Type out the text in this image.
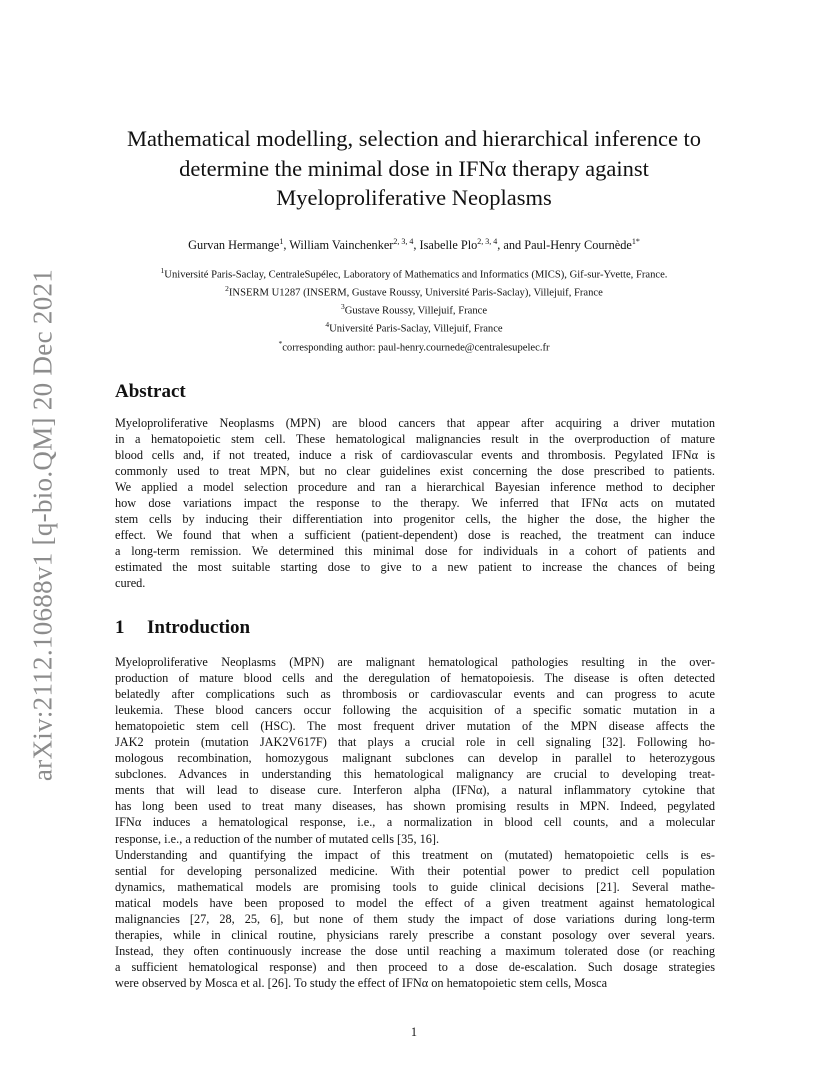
arXiv:2112.10688v1 [q-bio.QM] 20 Dec 2021
Mathematical modelling, selection and hierarchical inference to
determine the minimal dose in IFNα therapy against
Myeloproliferative Neoplasms
Gurvan Hermange$^1$, William Vainchenker$^{2, 3, 4}$, Isabelle Plo$^{2, 3, 4}$, and Paul-Henry Cournède$^{1*}$
$^1$Université Paris-Saclay, CentraleSupélec, Laboratory of Mathematics and Informatics (MICS), Gif-sur-Yvette, France.
$^2$INSERM U1287 (INSERM, Gustave Roussy, Université Paris-Saclay), Villejuif, France
$^3$Gustave Roussy, Villejuif, France
$^4$Université Paris-Saclay, Villejuif, France
*corresponding author: paul-henry.cournede@centralesupelec.fr
Abstract
Myeloproliferative Neoplasms (MPN) are blood cancers that appear after acquiring a driver mutation
in a hematopoietic stem cell. These hematological malignancies result in the overproduction of mature
blood cells and, if not treated, induce a risk of cardiovascular events and thrombosis. Pegylated IFNα is
commonly used to treat MPN, but no clear guidelines exist concerning the dose prescribed to patients.
We applied a model selection procedure and ran a hierarchical Bayesian inference method to decipher
how dose variations impact the response to the therapy. We inferred that IFNα acts on mutated
stem cells by inducing their differentiation into progenitor cells, the higher the dose, the higher the
effect. We found that when a sufficient (patient-dependent) dose is reached, the treatment can induce
a long-term remission. We determined this minimal dose for individuals in a cohort of patients and
estimated the most suitable starting dose to give to a new patient to increase the chances of being
cured.
1 Introduction
Myeloproliferative Neoplasms (MPN) are malignant hematological pathologies resulting in the over-
production of mature blood cells and the deregulation of hematopoiesis. The disease is often detected
belatedly after complications such as thrombosis or cardiovascular events and can progress to acute
leukemia. These blood cancers occur following the acquisition of a specific somatic mutation in a
hematopoietic stem cell (HSC). The most frequent driver mutation of the MPN disease affects the
JAK2 protein (mutation JAK2V617F) that plays a crucial role in cell signaling [32]. Following ho-
mologous recombination, homozygous malignant subclones can develop in parallel to heterozygous
subclones. Advances in understanding this hematological malignancy are crucial to developing treat-
ments that will lead to disease cure. Interferon alpha (IFNα), a natural inflammatory cytokine that
has long been used to treat many diseases, has shown promising results in MPN. Indeed, pegylated
IFNα induces a hematological response, i.e., a normalization in blood cell counts, and a molecular
response, i.e., a reduction of the number of mutated cells [35, 16].
Understanding and quantifying the impact of this treatment on (mutated) hematopoietic cells is es-
sential for developing personalized medicine. With their potential power to predict cell population
dynamics, mathematical models are promising tools to guide clinical decisions [21]. Several mathe-
matical models have been proposed to model the effect of a given treatment against hematological
malignancies [27, 28, 25, 6], but none of them study the impact of dose variations during long-term
therapies, while in clinical routine, physicians rarely prescribe a constant posology over several years.
Instead, they often continuously increase the dose until reaching a maximum tolerated dose (or reaching
a sufficient hematological response) and then proceed to a dose de-escalation. Such dosage strategies
were observed by Mosca et al. [26]. To study the effect of IFNα on hematopoietic stem cells, Mosca
1
